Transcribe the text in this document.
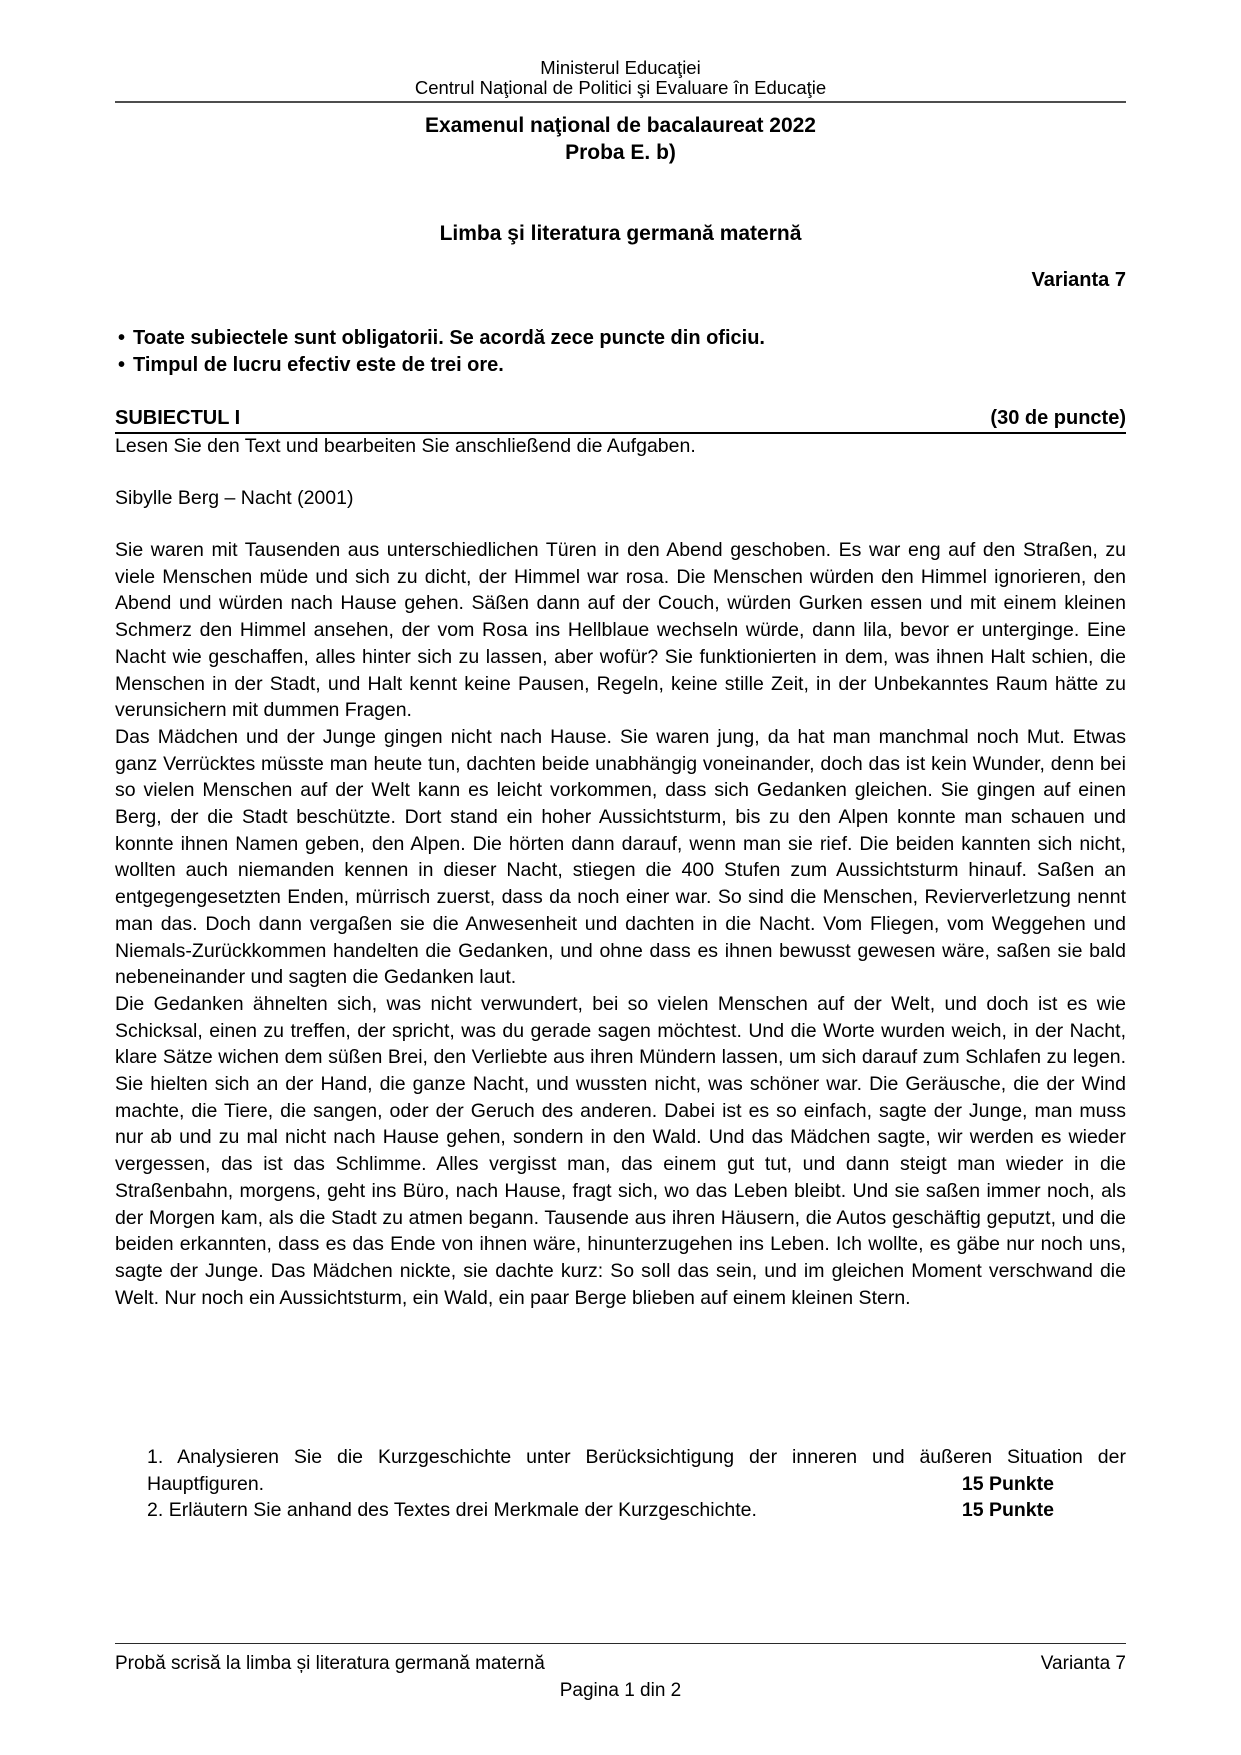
Ministerul Educaţiei
Centrul Naţional de Politici şi Evaluare în Educaţie
Examenul naţional de bacalaureat 2022
Proba E. b)
Limba şi literatura germană maternă
Varianta 7
• Toate subiectele sunt obligatorii. Se acordă zece puncte din oficiu.
• Timpul de lucru efectiv este de trei ore.
SUBIECTUL I	(30 de puncte)
Lesen Sie den Text und bearbeiten Sie anschließend die Aufgaben.
Sibylle Berg – Nacht (2001)

Sie waren mit Tausenden aus unterschiedlichen Türen in den Abend geschoben. Es war eng auf den Straßen, zu viele Menschen müde und sich zu dicht, der Himmel war rosa. Die Menschen würden den Himmel ignorieren, den Abend und würden nach Hause gehen. Säßen dann auf der Couch, würden Gurken essen und mit einem kleinen Schmerz den Himmel ansehen, der vom Rosa ins Hellblaue wechseln würde, dann lila, bevor er unterginge. Eine Nacht wie geschaffen, alles hinter sich zu lassen, aber wofür? Sie funktionierten in dem, was ihnen Halt schien, die Menschen in der Stadt, und Halt kennt keine Pausen, Regeln, keine stille Zeit, in der Unbekanntes Raum hätte zu verunsichern mit dummen Fragen.

Das Mädchen und der Junge gingen nicht nach Hause. Sie waren jung, da hat man manchmal noch Mut. Etwas ganz Verrücktes müsste man heute tun, dachten beide unabhängig voneinander, doch das ist kein Wunder, denn bei so vielen Menschen auf der Welt kann es leicht vorkommen, dass sich Gedanken gleichen. Sie gingen auf einen Berg, der die Stadt beschützte. Dort stand ein hoher Aussichtsturm, bis zu den Alpen konnte man schauen und konnte ihnen Namen geben, den Alpen. Die hörten dann darauf, wenn man sie rief. Die beiden kannten sich nicht, wollten auch niemanden kennen in dieser Nacht, stiegen die 400 Stufen zum Aussichtsturm hinauf. Saßen an entgegengesetzten Enden, mürrisch zuerst, dass da noch einer war. So sind die Menschen, Revierverletzung nennt man das. Doch dann vergaßen sie die Anwesenheit und dachten in die Nacht. Vom Fliegen, vom Weggehen und Niemals-Zurückkommen handelten die Gedanken, und ohne dass es ihnen bewusst gewesen wäre, saßen sie bald nebeneinander und sagten die Gedanken laut.

Die Gedanken ähnelten sich, was nicht verwundert, bei so vielen Menschen auf der Welt, und doch ist es wie Schicksal, einen zu treffen, der spricht, was du gerade sagen möchtest. Und die Worte wurden weich, in der Nacht, klare Sätze wichen dem süßen Brei, den Verliebte aus ihren Mündern lassen, um sich darauf zum Schlafen zu legen. Sie hielten sich an der Hand, die ganze Nacht, und wussten nicht, was schöner war. Die Geräusche, die der Wind machte, die Tiere, die sangen, oder der Geruch des anderen. Dabei ist es so einfach, sagte der Junge, man muss nur ab und zu mal nicht nach Hause gehen, sondern in den Wald. Und das Mädchen sagte, wir werden es wieder vergessen, das ist das Schlimme. Alles vergisst man, das einem gut tut, und dann steigt man wieder in die Straßenbahn, morgens, geht ins Büro, nach Hause, fragt sich, wo das Leben bleibt. Und sie saßen immer noch, als der Morgen kam, als die Stadt zu atmen begann. Tausende aus ihren Häusern, die Autos geschäftig geputzt, und die beiden erkannten, dass es das Ende von ihnen wäre, hinunterzugehen ins Leben. Ich wollte, es gäbe nur noch uns, sagte der Junge. Das Mädchen nickte, sie dachte kurz: So soll das sein, und im gleichen Moment verschwand die Welt. Nur noch ein Aussichtsturm, ein Wald, ein paar Berge blieben auf einem kleinen Stern.

1. Analysieren Sie die Kurzgeschichte unter Berücksichtigung der inneren und äußeren Situation der Hauptfiguren.	15 Punkte
2. Erläutern Sie anhand des Textes drei Merkmale der Kurzgeschichte.	15 Punkte
Probă scrisă la limba și literatura germană maternă	Varianta 7
Pagina 1 din 2
